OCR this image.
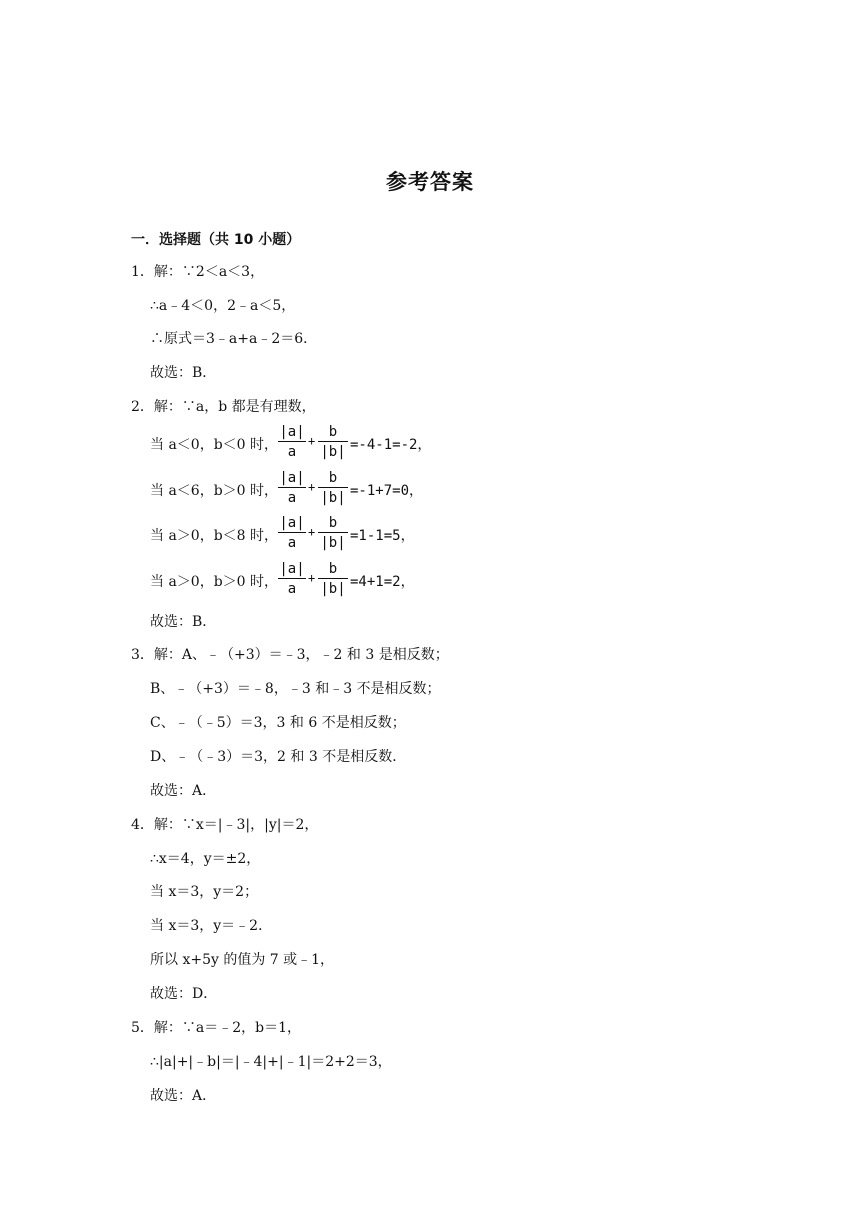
参考答案
一．选择题（共 10 小题）
1．解：∵2＜a＜3，
∴a﹣4＜0，2﹣a＜5，
∴原式＝3﹣a+a﹣2＝6．
故选：B．
2．解：∵a，b 都是有理数，
当 a＜0，b＜0 时， $\frac{|a|}{a} + \frac{b}{|b|} =-4-1=-2$，
当 a＜6，b＞0 时， $\frac{|a|}{a} + \frac{b}{|b|} =-1+7=0$，
当 a＞0，b＜8 时， $\frac{|a|}{a} + \frac{b}{|b|} =1-1=5$，
当 a＞0，b＞0 时， $\frac{|a|}{a} + \frac{b}{|b|} =4+1=2$，
故选：B．
3．解：A、﹣（+3）＝﹣3，﹣2 和 3 是相反数；
B、﹣（+3）＝﹣8，﹣3 和﹣3 不是相反数；
C、﹣（﹣5）＝3，3 和 6 不是相反数；
D、﹣（﹣3）＝3，2 和 3 不是相反数．
故选：A．
4．解：∵x＝|﹣3|，|y|＝2，
∴x＝4，y＝±2，
当 x＝3，y＝2；
当 x＝3，y＝﹣2．
所以 x+5y 的值为 7 或﹣1，
故选：D．
5．解：∵a＝﹣2，b＝1，
∴|a|+|﹣b|＝|﹣4|+|﹣1|＝2+2＝3，
故选：A．
